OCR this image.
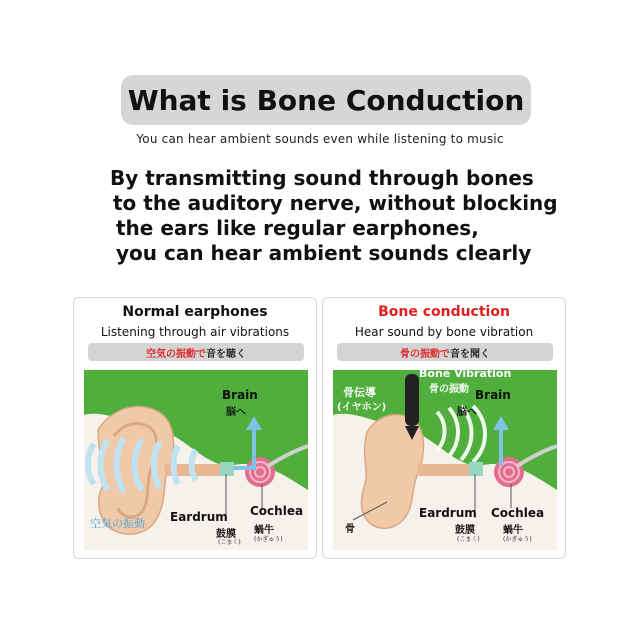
What is Bone Conduction
You can hear ambient sounds even while listening to music
By transmitting sound through bones
to the auditory nerve, without blocking
the ears like regular earphones,
you can hear ambient sounds clearly
Normal earphones
Listening through air vibrations
空気の振動で 音を聴く
Brain
脳へ
Eardrum
鼓膜
(こまく)
Cochlea
蝸牛
(かぎゅう)
空気の振動
Bone conduction
Hear sound by bone vibration
骨の振動で 音を聞く
Bone Vibration
骨の振動
骨伝導
(イヤホン)
Brain
脳へ
Eardrum
鼓膜
(こまく)
Cochlea
蝸牛
(かぎゅう)
骨
